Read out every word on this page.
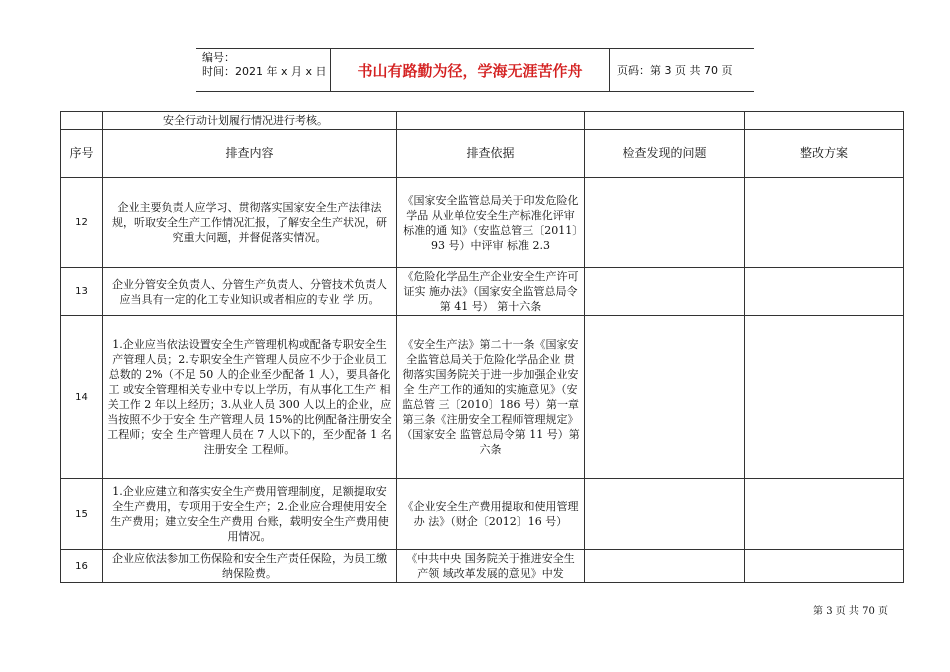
编号：
时间：2021 年 x 月 x 日	书山有路勤为径，学海无涯苦作舟	页码：第 3 页 共 70 页
	安全行动计划履行情况进行考核。			
序号	排查内容	排查依据	检查发现的问题	整改方案
12	企业主要负责人应学习、贯彻落实国家安全生产法律法规，听取安全生产工作情况汇报，了解安全生产状况，研究重大问题，并督促落实情况。	《国家安全监管总局关于印发危险化学品 从业单位安全生产标准化评审标准的通 知》（安监总管三〔2011〕93 号）中评审 标准 2.3		
13	企业分管安全负责人、分管生产负责人、分管技术负责人应当具有一定的化工专业知识或者相应的专业 学 历。	《危险化学品生产企业安全生产许可证实 施办法》（国家安全监管总局令第 41 号） 第十六条		
14	1.企业应当依法设置安全生产管理机构或配备专职安全生产管理人员；2.专职安全生产管理人员应不少于企业员工总数的 2%（不足 50 人的企业至少配备 1 人），要具备化工 或安全管理相关专业中专以上学历，有从事化工生产 相关工作 2 年以上经历；3.从业人员 300 人以上的企业，应当按照不少于安全 生产管理人员 15%的比例配备注册安全工程师；安全 生产管理人员在 7 人以下的，至少配备 1 名注册安全 工程师。	《安全生产法》第二十一条《国家安全监管总局关于危险化学品企业 贯彻落实国务院关于进一步加强企业安全 生产工作的通知的实施意见》（安监总管 三〔2010〕186 号）第一章第三条《注册安全工程师管理规定》（国家安全 监管总局令第 11 号）第六条		
15	1.企业应建立和落实安全生产费用管理制度，足额提取安全生产费用，专项用于安全生产；2.企业应合理使用安全生产费用；建立安全生产费用 台账，载明安全生产费用使用情况。	《企业安全生产费用提取和使用管理办 法》（财企〔2012〕16 号）		
16	企业应依法参加工伤保险和安全生产责任保险，为员工缴纳保险费。	《中共中央 国务院关于推进安全生产领 域改革发展的意见》中发		
第 3 页 共 70 页
